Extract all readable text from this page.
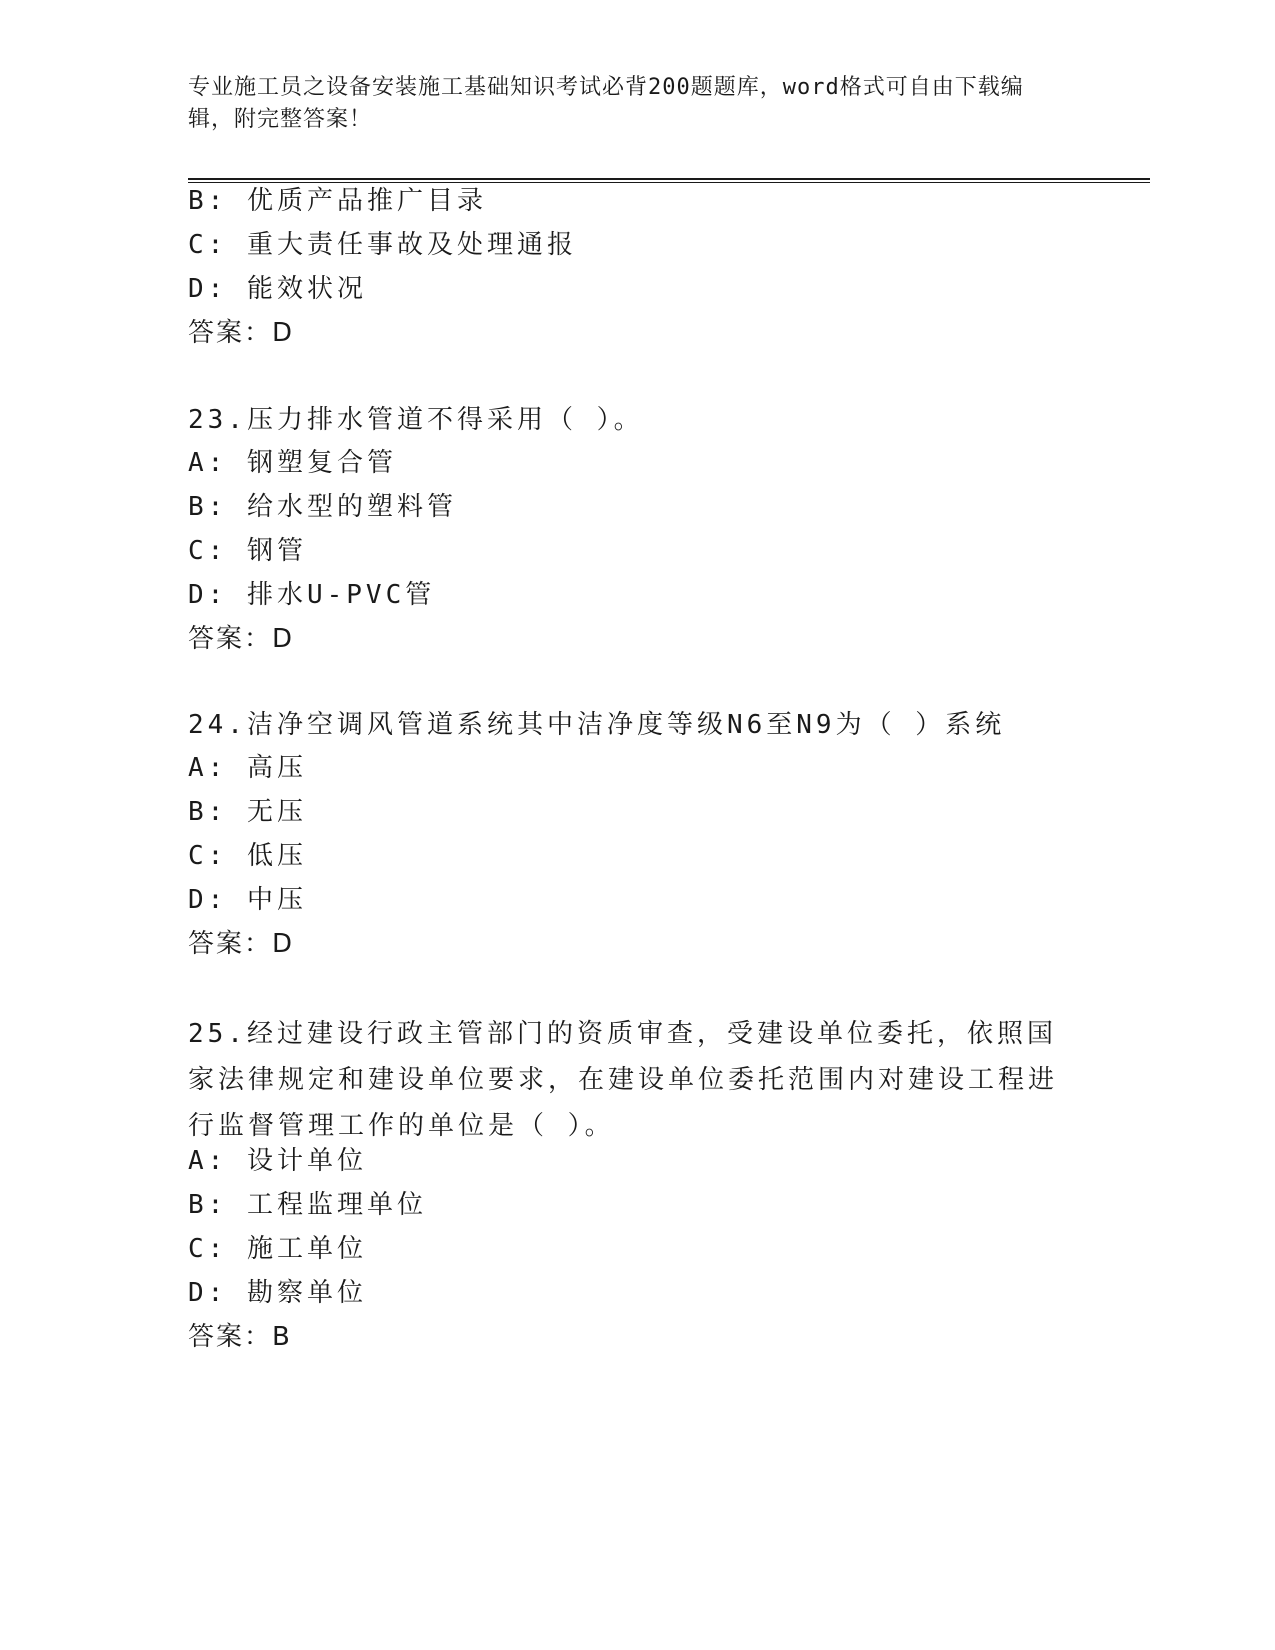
专业施工员之设备安装施工基础知识考试必背200题题库，word格式可自由下载编辑，附完整答案！
B: 优质产品推广目录
C: 重大责任事故及处理通报
D: 能效状况
答案：D
23.压力排水管道不得采用（ ）。
A: 钢塑复合管
B: 给水型的塑料管
C: 钢管
D: 排水U-PVC管
答案：D
24.洁净空调风管道系统其中洁净度等级N6至N9为（ ）系统
A: 高压
B: 无压
C: 低压
D: 中压
答案：D
25.经过建设行政主管部门的资质审查，受建设单位委托，依照国家法律规定和建设单位要求，在建设单位委托范围内对建设工程进行监督管理工作的单位是（ ）。
A: 设计单位
B: 工程监理单位
C: 施工单位
D: 勘察单位
答案：B
